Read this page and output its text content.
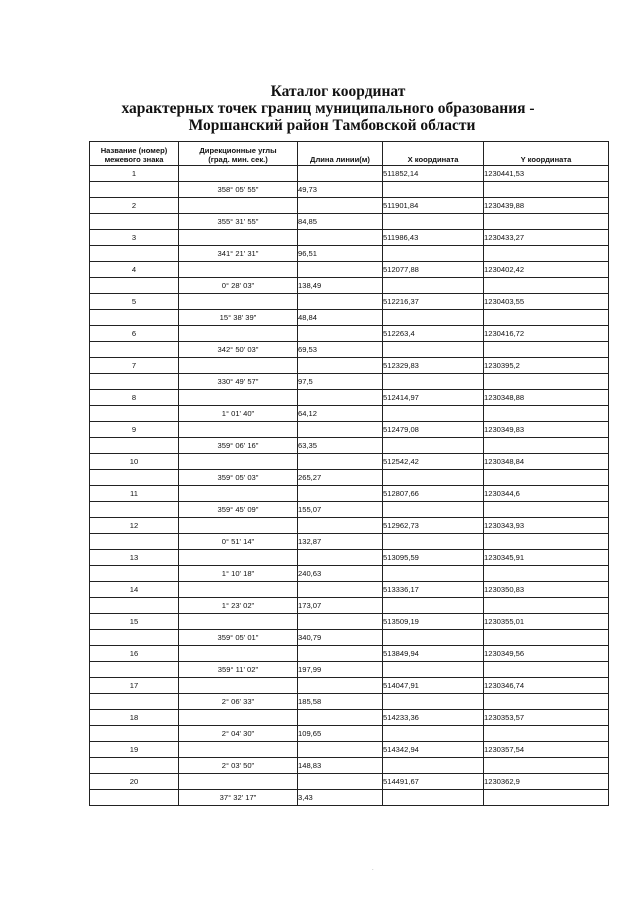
Каталог координат
характерных точек границ муниципального образования -
Моршанский район Тамбовской области
Название (номер)
межевого знака	Дирекционные углы
(град. мин. сек.)	Длина линии(м)	X координата	Y координата
1			511852,14	1230441,53
	358° 05' 55"	49,73		
2			511901,84	1230439,88
	355° 31' 55"	84,85		
3			511986,43	1230433,27
	341° 21' 31"	96,51		
4			512077,88	1230402,42
	0° 28' 03"	138,49		
5			512216,37	1230403,55
	15° 38' 39"	48,84		
6			512263,4	1230416,72
	342° 50' 03"	69,53		
7			512329,83	1230395,2
	330° 49' 57"	97,5		
8			512414,97	1230348,88
	1° 01' 40"	64,12		
9			512479,08	1230349,83
	359° 06' 16"	63,35		
10			512542,42	1230348,84
	359° 05' 03"	265,27		
11			512807,66	1230344,6
	359° 45' 09"	155,07		
12			512962,73	1230343,93
	0° 51' 14"	132,87		
13			513095,59	1230345,91
	1° 10' 18"	240,63		
14			513336,17	1230350,83
	1° 23' 02"	173,07		
15			513509,19	1230355,01
	359° 05' 01"	340,79		
16			513849,94	1230349,56
	359° 11' 02"	197,99		
17			514047,91	1230346,74
	2° 06' 33"	185,58		
18			514233,36	1230353,57
	2° 04' 30"	109,65		
19			514342,94	1230357,54
	2° 03' 50"	148,83		
20			514491,67	1230362,9
	37° 32' 17"	3,43		
.
